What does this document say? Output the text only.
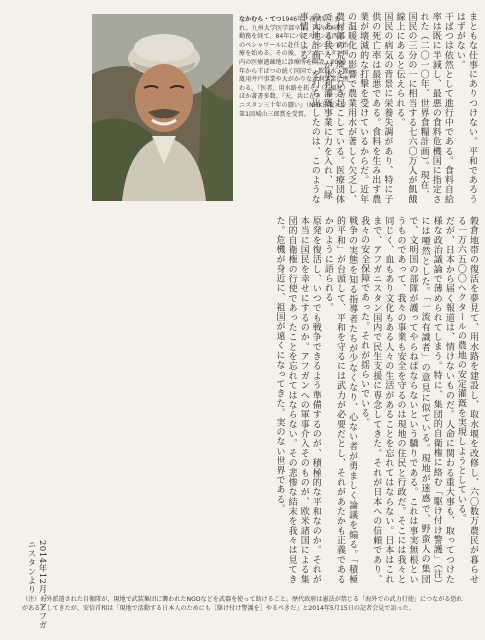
なかむら・てつ1946年、福岡県生まれ。九州大学医学部卒業。国内の病院勤務を経て、84年にパキスタン北西部のペシャワールに赴任し、ハンセン病治療を始める。その後、アフガニスタン国内の医療過疎地に診療所を開設。2000年から干ばつの続く同国で、飲料水・灌漑用井戸事業や大がかりな水利事業に携わる。『医者、用水路を拓く』（石風社）ほか著書多数。『天、共に在り　アフガニスタン三十年の闘い』（NHK出版）で第1回城山三郎賞を受賞。	まともな仕事にありつけない。平和であろうはずがない。
干ばつは依然として進行中である。食料自給率は既に半減し、最悪の食料危機国に指定された（二〇一〇年、世界食糧計画）。現在、国民の三分の一に相当する七六〇万人が飢餓線上にあると伝えられる。
国民の病気の背景に栄養失調があり、特に子供の死亡率は最悪である。食料を生み出す農業が壊滅的な打撃を受けているからだ。近年の温暖化の影響で農業用水が著しく欠乏し、農村部の荒廃をひき起こしている。医療団体である我々が水利灌漑事業に力を入れ、「緑の大地計画」を打ち出したのは、このような事情による。
穀倉地帯の復活を夢見て、用水路を建設し、取水堰を改修し、六〇数万農民が暮らせる一万六五〇〇ヘクタールの農地の安定灌漑を実現しようとしている。
だが、日本から届く報道は、情けないものだ。人命に関わる重大事も、取ってつけた様な政治議論で薄められてしまう。特に、集団的自衛権に絡む「駆け付け警護」（注）には唖然とした。「一流有識者」の意見に似ている。現地が迷惑で、野蛮人の集団で、文明国の部隊が護ってやらねばならないという驕りである。これは事実無根というものであって、我々の事業も安全を守るのは現地の住民と行政だ。そこには我々と同じく、血もあり文化もある人々の生活があることを忘れてはならない。日本はこれまで、アフガニスタン国内で民生支援に専念してきた。それが日本への信頼であり、我々の安全保障であった。それが揺らいでいる。
戦争の実態を知る指導者たちが少なくなり、心ない者が勇ましく論議を煽る。「積極的平和」が台頭して、平和を守るには武力が必要だとし、それがあたかも正義であるかのように語られる。
原発を復活し、いつでも戦争できるよう準備するのが、積極的な平和なのか。それが本当に国民を幸せにするのか。アフガンへの軍事介入そのものが、欧米諸国による集団的自衛権の行使であったことを忘れてはならない。その悲惨な結末を我々は見てきた。危機が身近に、祖国が遠くになってきた。実のない世界である。
2014年12月、アフガニスタンより
（注）海外派遣された自衛隊が、現地で武装集団に襲われたNGOなどを武器を使って助けること。歴代政府は憲法が禁じる「海外での武力行使」につながる恐れがあるとしてきたが、安倍首相は「現地で活動する日本人のためにも［駆け付け警護を］やるべきだ」と2014年5月15日の記者会見で語った。
